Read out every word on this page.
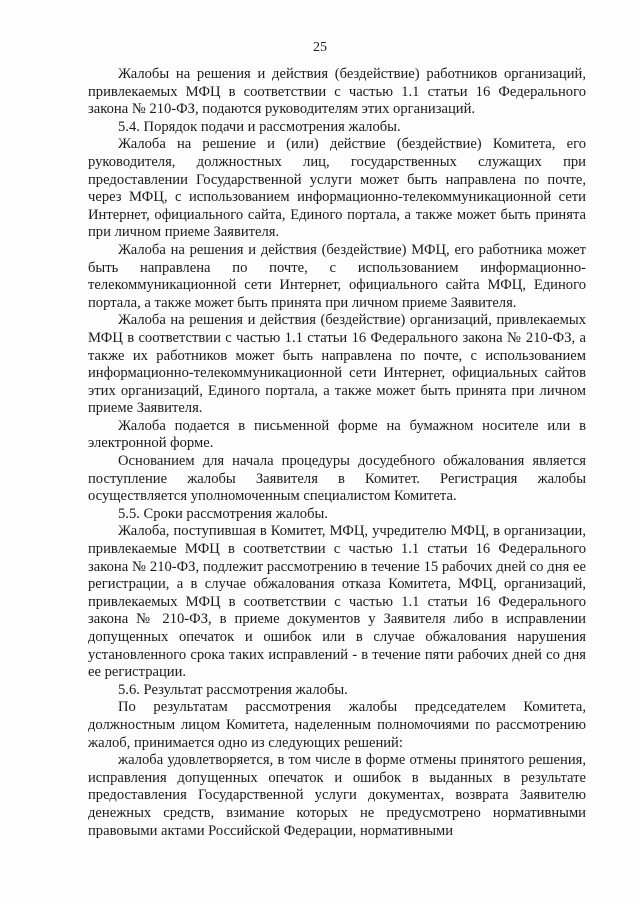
25

Жалобы на решения и действия (бездействие) работников организаций, привлекаемых МФЦ в соответствии с частью 1.1 статьи 16 Федерального закона № 210-ФЗ, подаются руководителям этих организаций.

5.4. Порядок подачи и рассмотрения жалобы.

Жалоба на решение и (или) действие (бездействие) Комитета, его руководителя, должностных лиц, государственных служащих при предоставлении Государственной услуги может быть направлена по почте, через МФЦ, с использованием информационно-телекоммуникационной сети Интернет, официального сайта, Единого портала, а также может быть принята при личном приеме Заявителя.

Жалоба на решения и действия (бездействие) МФЦ, его работника может быть направлена по почте, с использованием информационно-телекоммуникационной сети Интернет, официального сайта МФЦ, Единого портала, а также может быть принята при личном приеме Заявителя.

Жалоба на решения и действия (бездействие) организаций, привлекаемых МФЦ в соответствии с частью 1.1 статьи 16 Федерального закона № 210-ФЗ, а также их работников может быть направлена по почте, с использованием информационно-телекоммуникационной сети Интернет, официальных сайтов этих организаций, Единого портала, а также может быть принята при личном приеме Заявителя.

Жалоба подается в письменной форме на бумажном носителе или в электронной форме.

Основанием для начала процедуры досудебного обжалования является поступление жалобы Заявителя в Комитет. Регистрация жалобы осуществляется уполномоченным специалистом Комитета.

5.5. Сроки рассмотрения жалобы.

Жалоба, поступившая в Комитет, МФЦ, учредителю МФЦ, в организации, привлекаемые МФЦ в соответствии с частью 1.1 статьи 16 Федерального закона № 210-ФЗ, подлежит рассмотрению в течение 15 рабочих дней со дня ее регистрации, а в случае обжалования отказа Комитета, МФЦ, организаций, привлекаемых МФЦ в соответствии с частью 1.1 статьи 16 Федерального закона № 210-ФЗ, в приеме документов у Заявителя либо в исправлении допущенных опечаток и ошибок или в случае обжалования нарушения установленного срока таких исправлений - в течение пяти рабочих дней со дня ее регистрации.

5.6. Результат рассмотрения жалобы.

По результатам рассмотрения жалобы председателем Комитета, должностным лицом Комитета, наделенным полномочиями по рассмотрению жалоб, принимается одно из следующих решений:

жалоба удовлетворяется, в том числе в форме отмены принятого решения, исправления допущенных опечаток и ошибок в выданных в результате предоставления Государственной услуги документах, возврата Заявителю денежных средств, взимание которых не предусмотрено нормативными правовыми актами Российской Федерации, нормативными
